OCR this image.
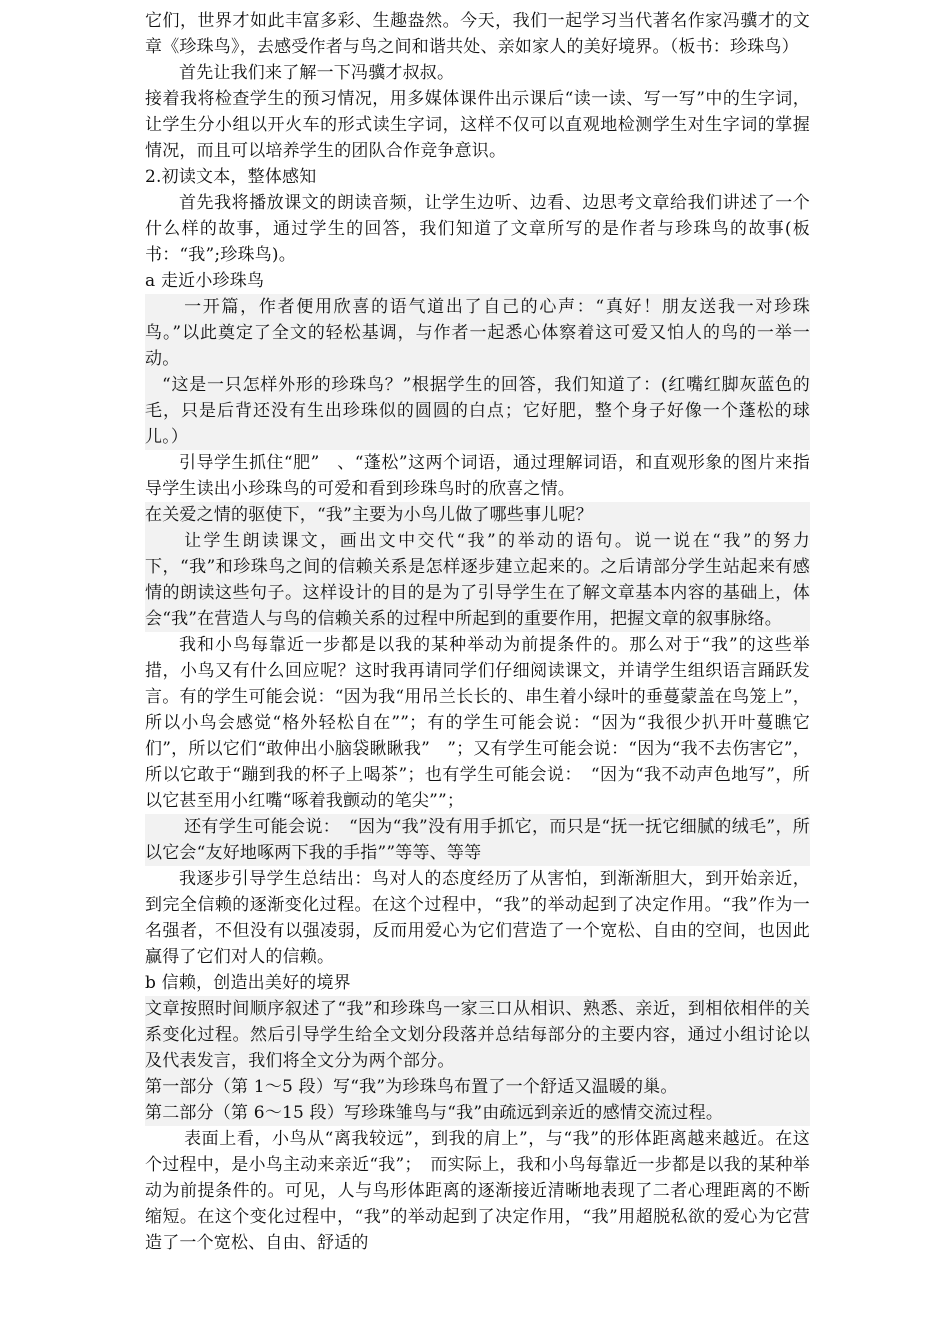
它们，世界才如此丰富多彩、生趣盎然。今天，我们一起学习当代著名作家冯骥才的文章《珍珠鸟》，去感受作者与鸟之间和谐共处、亲如家人的美好境界。（板书：珍珠鸟）

首先让我们来了解一下冯骥才叔叔。

接着我将检查学生的预习情况，用多媒体课件出示课后“读一读、写一写”中的生字词，让学生分小组以开火车的形式读生字词，这样不仅可以直观地检测学生对生字词的掌握情况，而且可以培养学生的团队合作竞争意识。

2.初读文本，整体感知

首先我将播放课文的朗读音频，让学生边听、边看、边思考文章给我们讲述了一个什么样的故事，通过学生的回答，我们知道了文章所写的是作者与珍珠鸟的故事(板书：“我”;珍珠鸟)。

a 走近小珍珠鸟

一开篇，作者便用欣喜的语气道出了自己的心声：“真好！朋友送我一对珍珠鸟。”以此奠定了全文的轻松基调，与作者一起悉心体察着这可爱又怕人的鸟的一举一动。

“这是一只怎样外形的珍珠鸟？”根据学生的回答，我们知道了：(红嘴红脚灰蓝色的毛，只是后背还没有生出珍珠似的圆圆的白点；它好肥，整个身子好像一个蓬松的球儿。）

引导学生抓住“肥”　、“蓬松”这两个词语，通过理解词语，和直观形象的图片来指导学生读出小珍珠鸟的可爱和看到珍珠鸟时的欣喜之情。

在关爱之情的驱使下，“我”主要为小鸟儿做了哪些事儿呢？

让学生朗读课文，画出文中交代“我”的举动的语句。说一说在“我”的努力下，“我”和珍珠鸟之间的信赖关系是怎样逐步建立起来的。之后请部分学生站起来有感情的朗读这些句子。这样设计的目的是为了引导学生在了解文章基本内容的基础上，体会“我”在营造人与鸟的信赖关系的过程中所起到的重要作用，把握文章的叙事脉络。

我和小鸟每靠近一步都是以我的某种举动为前提条件的。那么对于“我”的这些举措，小鸟又有什么回应呢？这时我再请同学们仔细阅读课文，并请学生组织语言踊跃发言。有的学生可能会说：“因为我“用吊兰长长的、串生着小绿叶的垂蔓蒙盖在鸟笼上”，所以小鸟会感觉“格外轻松自在””；有的学生可能会说：“因为“我很少扒开叶蔓瞧它们”，所以它们“敢伸出小脑袋瞅瞅我”　”；又有学生可能会说：“因为“我不去伤害它”，所以它敢于“蹦到我的杯子上喝茶”；也有学生可能会说：　“因为“我不动声色地写”，所以它甚至用小红嘴“啄着我颤动的笔尖””；

还有学生可能会说：　“因为“我”没有用手抓它，而只是“抚一抚它细腻的绒毛”，所以它会“友好地啄两下我的手指””等等、等等

我逐步引导学生总结出：鸟对人的态度经历了从害怕，到渐渐胆大，到开始亲近，到完全信赖的逐渐变化过程。在这个过程中，“我”的举动起到了决定作用。“我”作为一名强者，不但没有以强凌弱，反而用爱心为它们营造了一个宽松、自由的空间，也因此赢得了它们对人的信赖。

b 信赖，创造出美好的境界

文章按照时间顺序叙述了“我”和珍珠鸟一家三口从相识、熟悉、亲近，到相依相伴的关系变化过程。然后引导学生给全文划分段落并总结每部分的主要内容，通过小组讨论以及代表发言，我们将全文分为两个部分。

第一部分（第 1～5 段）写“我”为珍珠鸟布置了一个舒适又温暖的巢。

第二部分（第 6～15 段）写珍珠雏鸟与“我”由疏远到亲近的感情交流过程。

表面上看，小鸟从“离我较远”，到我的肩上”，与“我”的形体距离越来越近。在这个过程中，是小鸟主动来亲近“我”；　而实际上，我和小鸟每靠近一步都是以我的某种举动为前提条件的。可见，人与鸟形体距离的逐渐接近清晰地表现了二者心理距离的不断缩短。在这个变化过程中，“我”的举动起到了决定作用，“我”用超脱私欲的爱心为它营造了一个宽松、自由、舒适的
